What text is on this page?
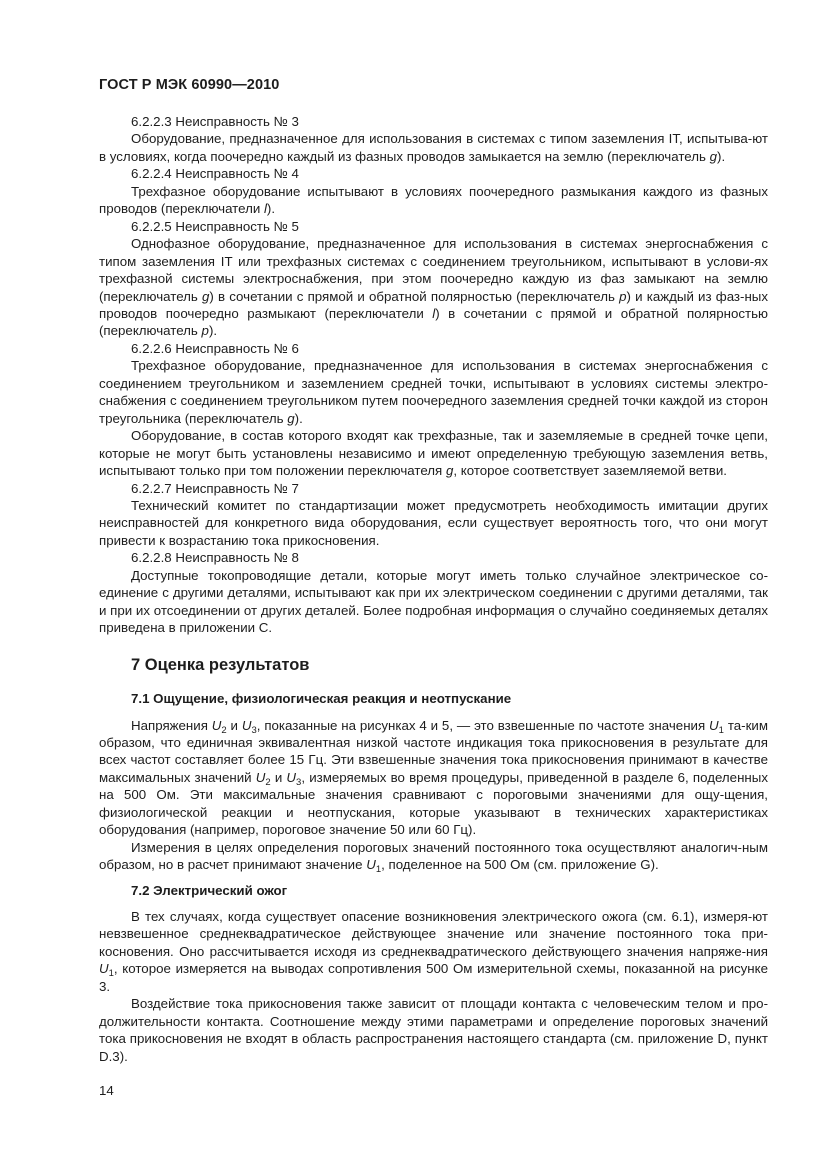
ГОСТ Р МЭК 60990—2010

6.2.2.3 Неисправность № 3

Оборудование, предназначенное для использования в системах с типом заземления IT, испытыва-ют в условиях, когда поочередно каждый из фазных проводов замыкается на землю (переключатель g).

6.2.2.4 Неисправность № 4

Трехфазное оборудование испытывают в условиях поочередного размыкания каждого из фазных проводов (переключатели l).

6.2.2.5 Неисправность № 5

Однофазное оборудование, предназначенное для использования в системах энергоснабжения с типом заземления IT или трехфазных системах с соединением треугольником, испытывают в услови-ях трехфазной системы электроснабжения, при этом поочередно каждую из фаз замыкают на землю (переключатель g) в сочетании с прямой и обратной полярностью (переключатель p) и каждый из фаз-ных проводов поочередно размыкают (переключатели l) в сочетании с прямой и обратной полярностью (переключатель p).

6.2.2.6 Неисправность № 6

Трехфазное оборудование, предназначенное для использования в системах энергоснабжения с соединением треугольником и заземлением средней точки, испытывают в условиях системы электро-снабжения с соединением треугольником путем поочередного заземления средней точки каждой из сторон треугольника (переключатель g).

Оборудование, в состав которого входят как трехфазные, так и заземляемые в средней точке цепи, которые не могут быть установлены независимо и имеют определенную требующую заземления ветвь, испытывают только при том положении переключателя g, которое соответствует заземляемой ветви.

6.2.2.7 Неисправность № 7

Технический комитет по стандартизации может предусмотреть необходимость имитации других неисправностей для конкретного вида оборудования, если существует вероятность того, что они могут привести к возрастанию тока прикосновения.

6.2.2.8 Неисправность № 8

Доступные токопроводящие детали, которые могут иметь только случайное электрическое со-единение с другими деталями, испытывают как при их электрическом соединении с другими деталями, так и при их отсоединении от других деталей. Более подробная информация о случайно соединяемых деталях приведена в приложении С.

7 Оценка результатов

7.1 Ощущение, физиологическая реакция и неотпускание

Напряжения $U_2$ и $U_3$, показанные на рисунках 4 и 5, — это взвешенные по частоте значения $U_1$ та-ким образом, что единичная эквивалентная низкой частоте индикация тока прикосновения в результате для всех частот составляет более 15 Гц. Эти взвешенные значения тока прикосновения принимают в качестве максимальных значений $U_2$ и $U_3$, измеряемых во время процедуры, приведенной в разделе 6, поделенных на 500 Ом. Эти максимальные значения сравнивают с пороговыми значениями для ощу-щения, физиологической реакции и неотпускания, которые указывают в технических характеристиках оборудования (например, пороговое значение 50 или 60 Гц).

Измерения в целях определения пороговых значений постоянного тока осуществляют аналогич-ным образом, но в расчет принимают значение $U_1$, поделенное на 500 Ом (см. приложение G).

7.2 Электрический ожог

В тех случаях, когда существует опасение возникновения электрического ожога (см. 6.1), измеря-ют невзвешенное среднеквадратическое действующее значение или значение постоянного тока при-косновения. Оно рассчитывается исходя из среднеквадратического действующего значения напряже-ния $U_1$, которое измеряется на выводах сопротивления 500 Ом измерительной схемы, показанной на рисунке 3.

Воздействие тока прикосновения также зависит от площади контакта с человеческим телом и про-должительности контакта. Соотношение между этими параметрами и определение пороговых значений тока прикосновения не входят в область распространения настоящего стандарта (см. приложение D, пункт D.3).

14
